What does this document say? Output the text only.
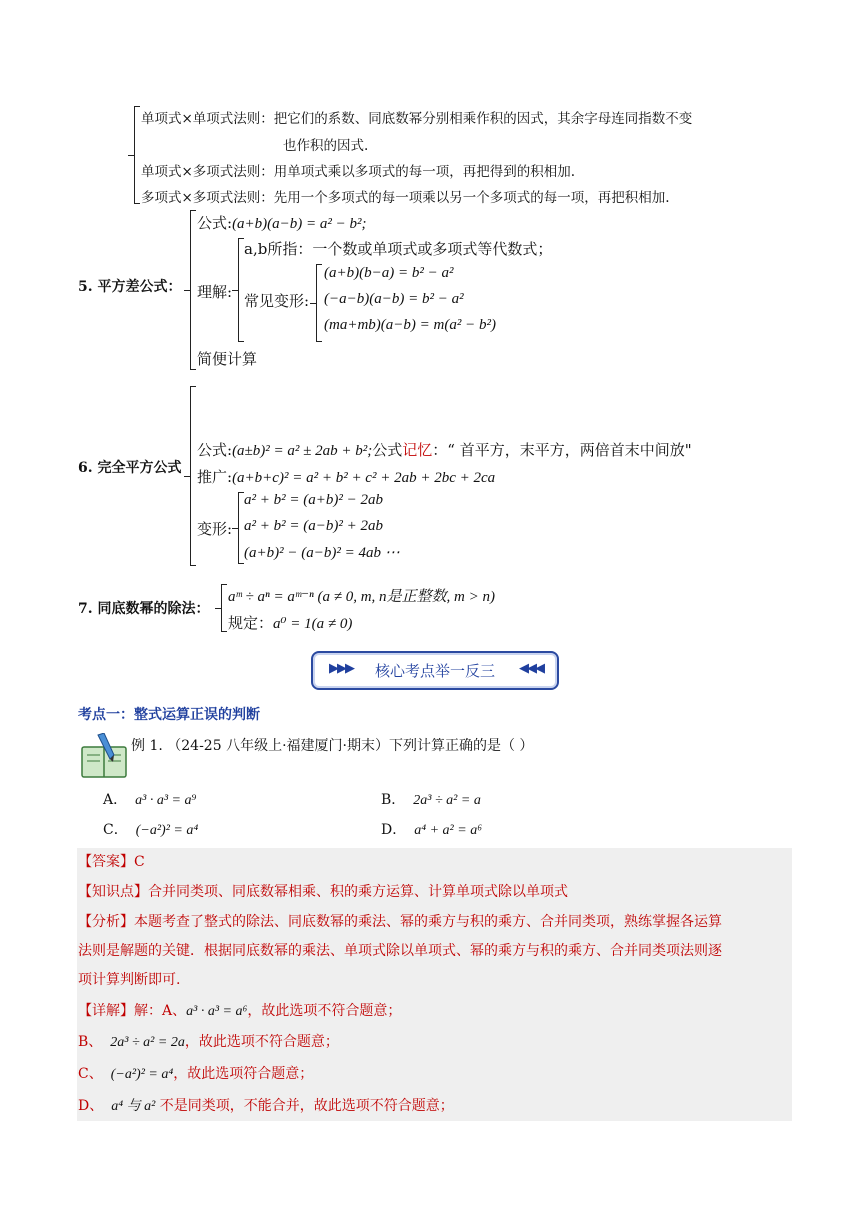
单项式×单项式法则：把它们的系数、同底数幂分别相乘作积的因式，其余字母连同指数不变
也作积的因式.
单项式×多项式法则：用单项式乘以多项式的每一项，再把得到的积相加.
多项式×多项式法则：先用一个多项式的每一项乘以另一个多项式的每一项，再把积相加.
5. 平方差公式：
公式:(a+b)(a−b) = a² − b²;
理解:
a,b所指：一个数或单项式或多项式等代数式；
常见变形:
(a+b)(b−a) = b² − a²
(−a−b)(a−b) = b² − a²
(ma+mb)(a−b) = m(a² − b²)
简便计算
6. 完全平方公式
公式:(a±b)² = a² ± 2ab + b²;公式记忆：“ 首平方，末平方，两倍首末中间放"
推广:(a+b+c)² = a² + b² + c² + 2ab + 2bc + 2ca
变形:
a² + b² = (a+b)² − 2ab
a² + b² = (a−b)² + 2ab
(a+b)² − (a−b)² = 4ab ⋯
7. 同底数幂的除法：
aᵐ ÷ aⁿ = aᵐ⁻ⁿ (a ≠ 0, m, n是正整数, m > n)
规定：a⁰ = 1(a ≠ 0)
▶▶▶	核心考点举一反三	◀◀◀
考点一：整式运算正误的判断
例 1. （24-25 八年级上·福建厦门·期末）下列计算正确的是（ ）
A． a³ · a³ = a⁹	B． 2a³ ÷ a² = a
C． (−a²)² = a⁴	D． a⁴ + a² = a⁶
【答案】C
【知识点】合并同类项、同底数幂相乘、积的乘方运算、计算单项式除以单项式
【分析】本题考查了整式的除法、同底数幂的乘法、幂的乘方与积的乘方、合并同类项，熟练掌握各运算
法则是解题的关键．根据同底数幂的乘法、单项式除以单项式、幂的乘方与积的乘方、合并同类项法则逐
项计算判断即可.
【详解】解：A、a³ · a³ = a⁶，故此选项不符合题意；
B、 2a³ ÷ a² = 2a，故此选项不符合题意；
C、 (−a²)² = a⁴，故此选项符合题意；
D、 a⁴ 与 a² 不是同类项，不能合并，故此选项不符合题意；
